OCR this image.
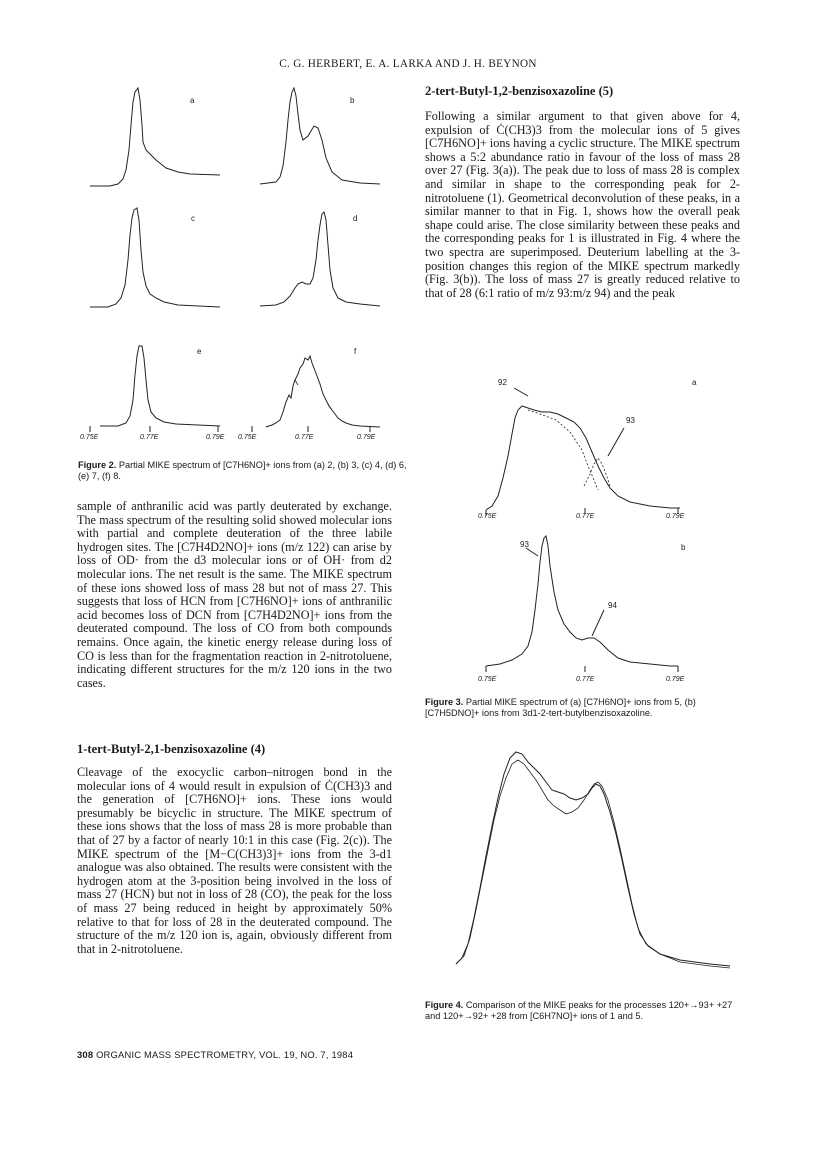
C. G. HERBERT, E. A. LARKA AND J. H. BEYNON
a	b
c	d
e	f
0.75E	0.77E	0.79E 0.75E	0.77E	0.79E
Figure 2. Partial MIKE spectrum of [C7H6NO]+ ions from (a) 2, (b) 3, (c) 4, (d) 6, (e) 7, (f) 8.

sample of anthranilic acid was partly deuterated by exchange. The mass spectrum of the resulting solid showed molecular ions with partial and complete deuteration of the three labile hydrogen sites. The [C7H4D2NO]+ ions (m/z 122) can arise by loss of OD· from the d3 molecular ions or of OH· from d2 molecular ions. The net result is the same. The MIKE spectrum of these ions showed loss of mass 28 but not of mass 27. This suggests that loss of HCN from [C7H6NO]+ ions of anthranilic acid becomes loss of DCN from [C7H4D2NO]+ ions from the deuterated compound. The loss of CO from both compounds remains. Once again, the kinetic energy release during loss of CO is less than for the fragmentation reaction in 2-nitrotoluene, indicating different structures for the m/z 120 ions in the two cases.

1-tert-Butyl-2,1-benzisoxazoline (4)

Cleavage of the exocyclic carbon–nitrogen bond in the molecular ions of 4 would result in expulsion of Ċ(CH3)3 and the generation of [C7H6NO]+ ions. These ions would presumably be bicyclic in structure. The MIKE spectrum of these ions shows that the loss of mass 28 is more probable than that of 27 by a factor of nearly 10:1 in this case (Fig. 2(c)). The MIKE spectrum of the [M−C(CH3)3]+ ions from the 3-d1 analogue was also obtained. The results were consistent with the hydrogen atom at the 3-position being involved in the loss of mass 27 (HCN) but not in loss of 28 (CO), the peak for the loss of mass 27 being reduced in height by approximately 50% relative to that for loss of 28 in the deuterated compound. The structure of the m/z 120 ion is, again, obviously different from that in 2-nitrotoluene.

2-tert-Butyl-1,2-benzisoxazoline (5)

Following a similar argument to that given above for 4, expulsion of Ċ(CH3)3 from the molecular ions of 5 gives [C7H6NO]+ ions having a cyclic structure. The MIKE spectrum shows a 5:2 abundance ratio in favour of the loss of mass 28 over 27 (Fig. 3(a)). The peak due to loss of mass 28 is complex and similar in shape to the corresponding peak for 2-nitrotoluene (1). Geometrical deconvolution of these peaks, in a similar manner to that in Fig. 1, shows how the overall peak shape could arise. The close similarity between these peaks and the corresponding peaks for 1 is illustrated in Fig. 4 where the two spectra are superimposed. Deuterium labelling at the 3-position changes this region of the MIKE spectrum markedly (Fig. 3(b)). The loss of mass 27 is greatly reduced relative to that of 28 (6:1 ratio of m/z 93:m/z 94) and the peak

a
92
93
0.75E	0.77E	0.79E
b
93
94
0.75E	0.77E	0.79E
Figure 3. Partial MIKE spectrum of (a) [C7H6NO]+ ions from 5, (b) [C7H5DNO]+ ions from 3d1-2-tert-butylbenzisoxazoline.
Figure 4. Comparison of the MIKE peaks for the processes 120+→93+ +27 and 120+→92+ +28 from [C6H7NO]+ ions of 1 and 5.
308 ORGANIC MASS SPECTROMETRY, VOL. 19, NO. 7, 1984
